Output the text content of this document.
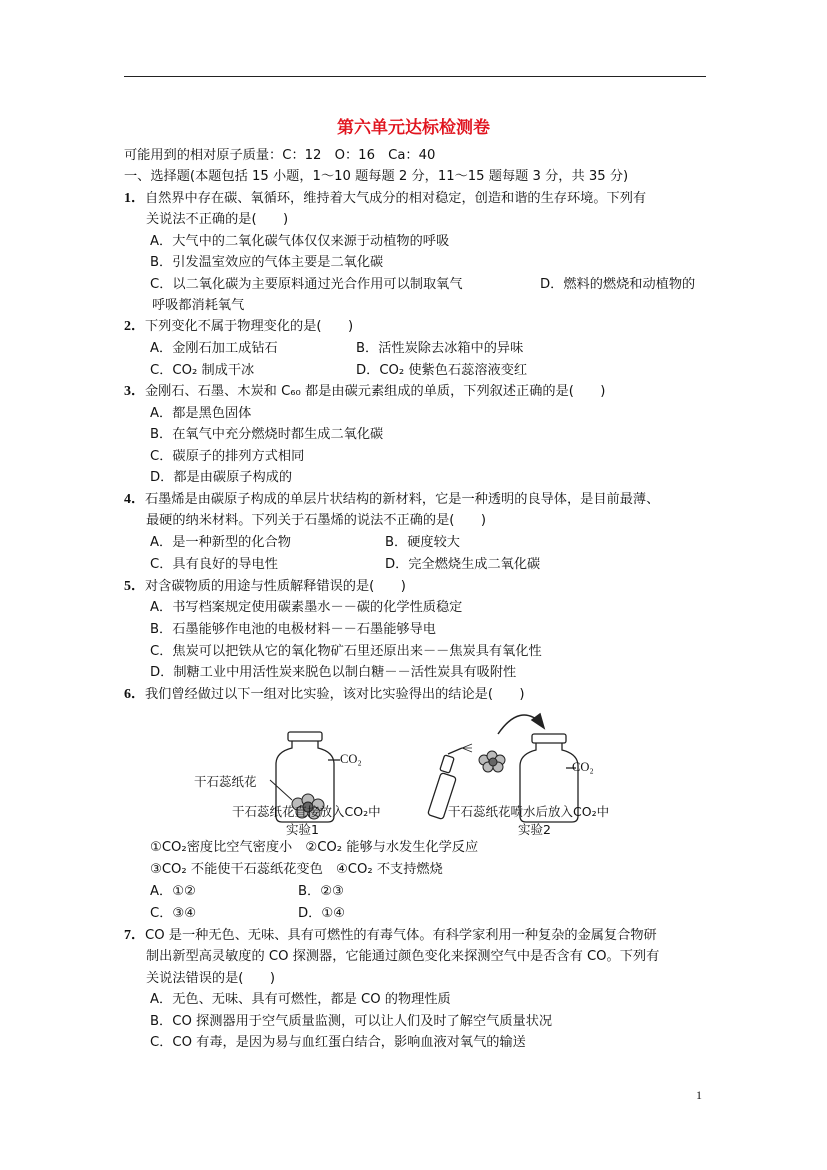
第六单元达标检测卷
可能用到的相对原子质量：C：12　O：16　Ca：40
一、选择题(本题包括 15 小题，1～10 题每题 2 分，11～15 题每题 3 分，共 35 分)
1．自然界中存在碳、氧循环，维持着大气成分的相对稳定，创造和谐的生存环境。下列有
关说法不正确的是(　　)
A．大气中的二氧化碳气体仅仅来源于动植物的呼吸
B．引发温室效应的气体主要是二氧化碳
C．以二氧化碳为主要原料通过光合作用可以制取氧气	D．燃料的燃烧和动植物的
呼吸都消耗氧气
2．下列变化不属于物理变化的是(　　)
A．金刚石加工成钻石	B．活性炭除去冰箱中的异味
C．CO₂ 制成干冰	D．CO₂ 使紫色石蕊溶液变红
3．金刚石、石墨、木炭和 C₆₀ 都是由碳元素组成的单质，下列叙述正确的是(　　)
A．都是黑色固体
B．在氧气中充分燃烧时都生成二氧化碳
C．碳原子的排列方式相同
D．都是由碳原子构成的
4．石墨烯是由碳原子构成的单层片状结构的新材料，它是一种透明的良导体，是目前最薄、
最硬的纳米材料。下列关于石墨烯的说法不正确的是(　　)
A．是一种新型的化合物	B．硬度较大
C．具有良好的导电性	D．完全燃烧生成二氧化碳
5．对含碳物质的用途与性质解释错误的是(　　)
A．书写档案规定使用碳素墨水－－碳的化学性质稳定
B．石墨能够作电池的电极材料－－石墨能够导电
C．焦炭可以把铁从它的氧化物矿石里还原出来－－焦炭具有氧化性
D．制糖工业中用活性炭来脱色以制白糖－－活性炭具有吸附性
6．我们曾经做过以下一组对比实验，该对比实验得出的结论是(　　)
干石蕊纸花
CO₂
CO₂
干石蕊纸花直接放入CO₂中
实验1
干石蕊纸花喷水后放入CO₂中
实验2
①CO₂密度比空气密度小　②CO₂ 能够与水发生化学反应
③CO₂ 不能使干石蕊纸花变色　④CO₂ 不支持燃烧
A．①②	B．②③
C．③④	D．①④
7．CO 是一种无色、无味、具有可燃性的有毒气体。有科学家利用一种复杂的金属复合物研
制出新型高灵敏度的 CO 探测器，它能通过颜色变化来探测空气中是否含有 CO。下列有
关说法错误的是(　　)
A．无色、无味、具有可燃性，都是 CO 的物理性质
B．CO 探测器用于空气质量监测，可以让人们及时了解空气质量状况
C．CO 有毒，是因为易与血红蛋白结合，影响血液对氧气的输送
1
